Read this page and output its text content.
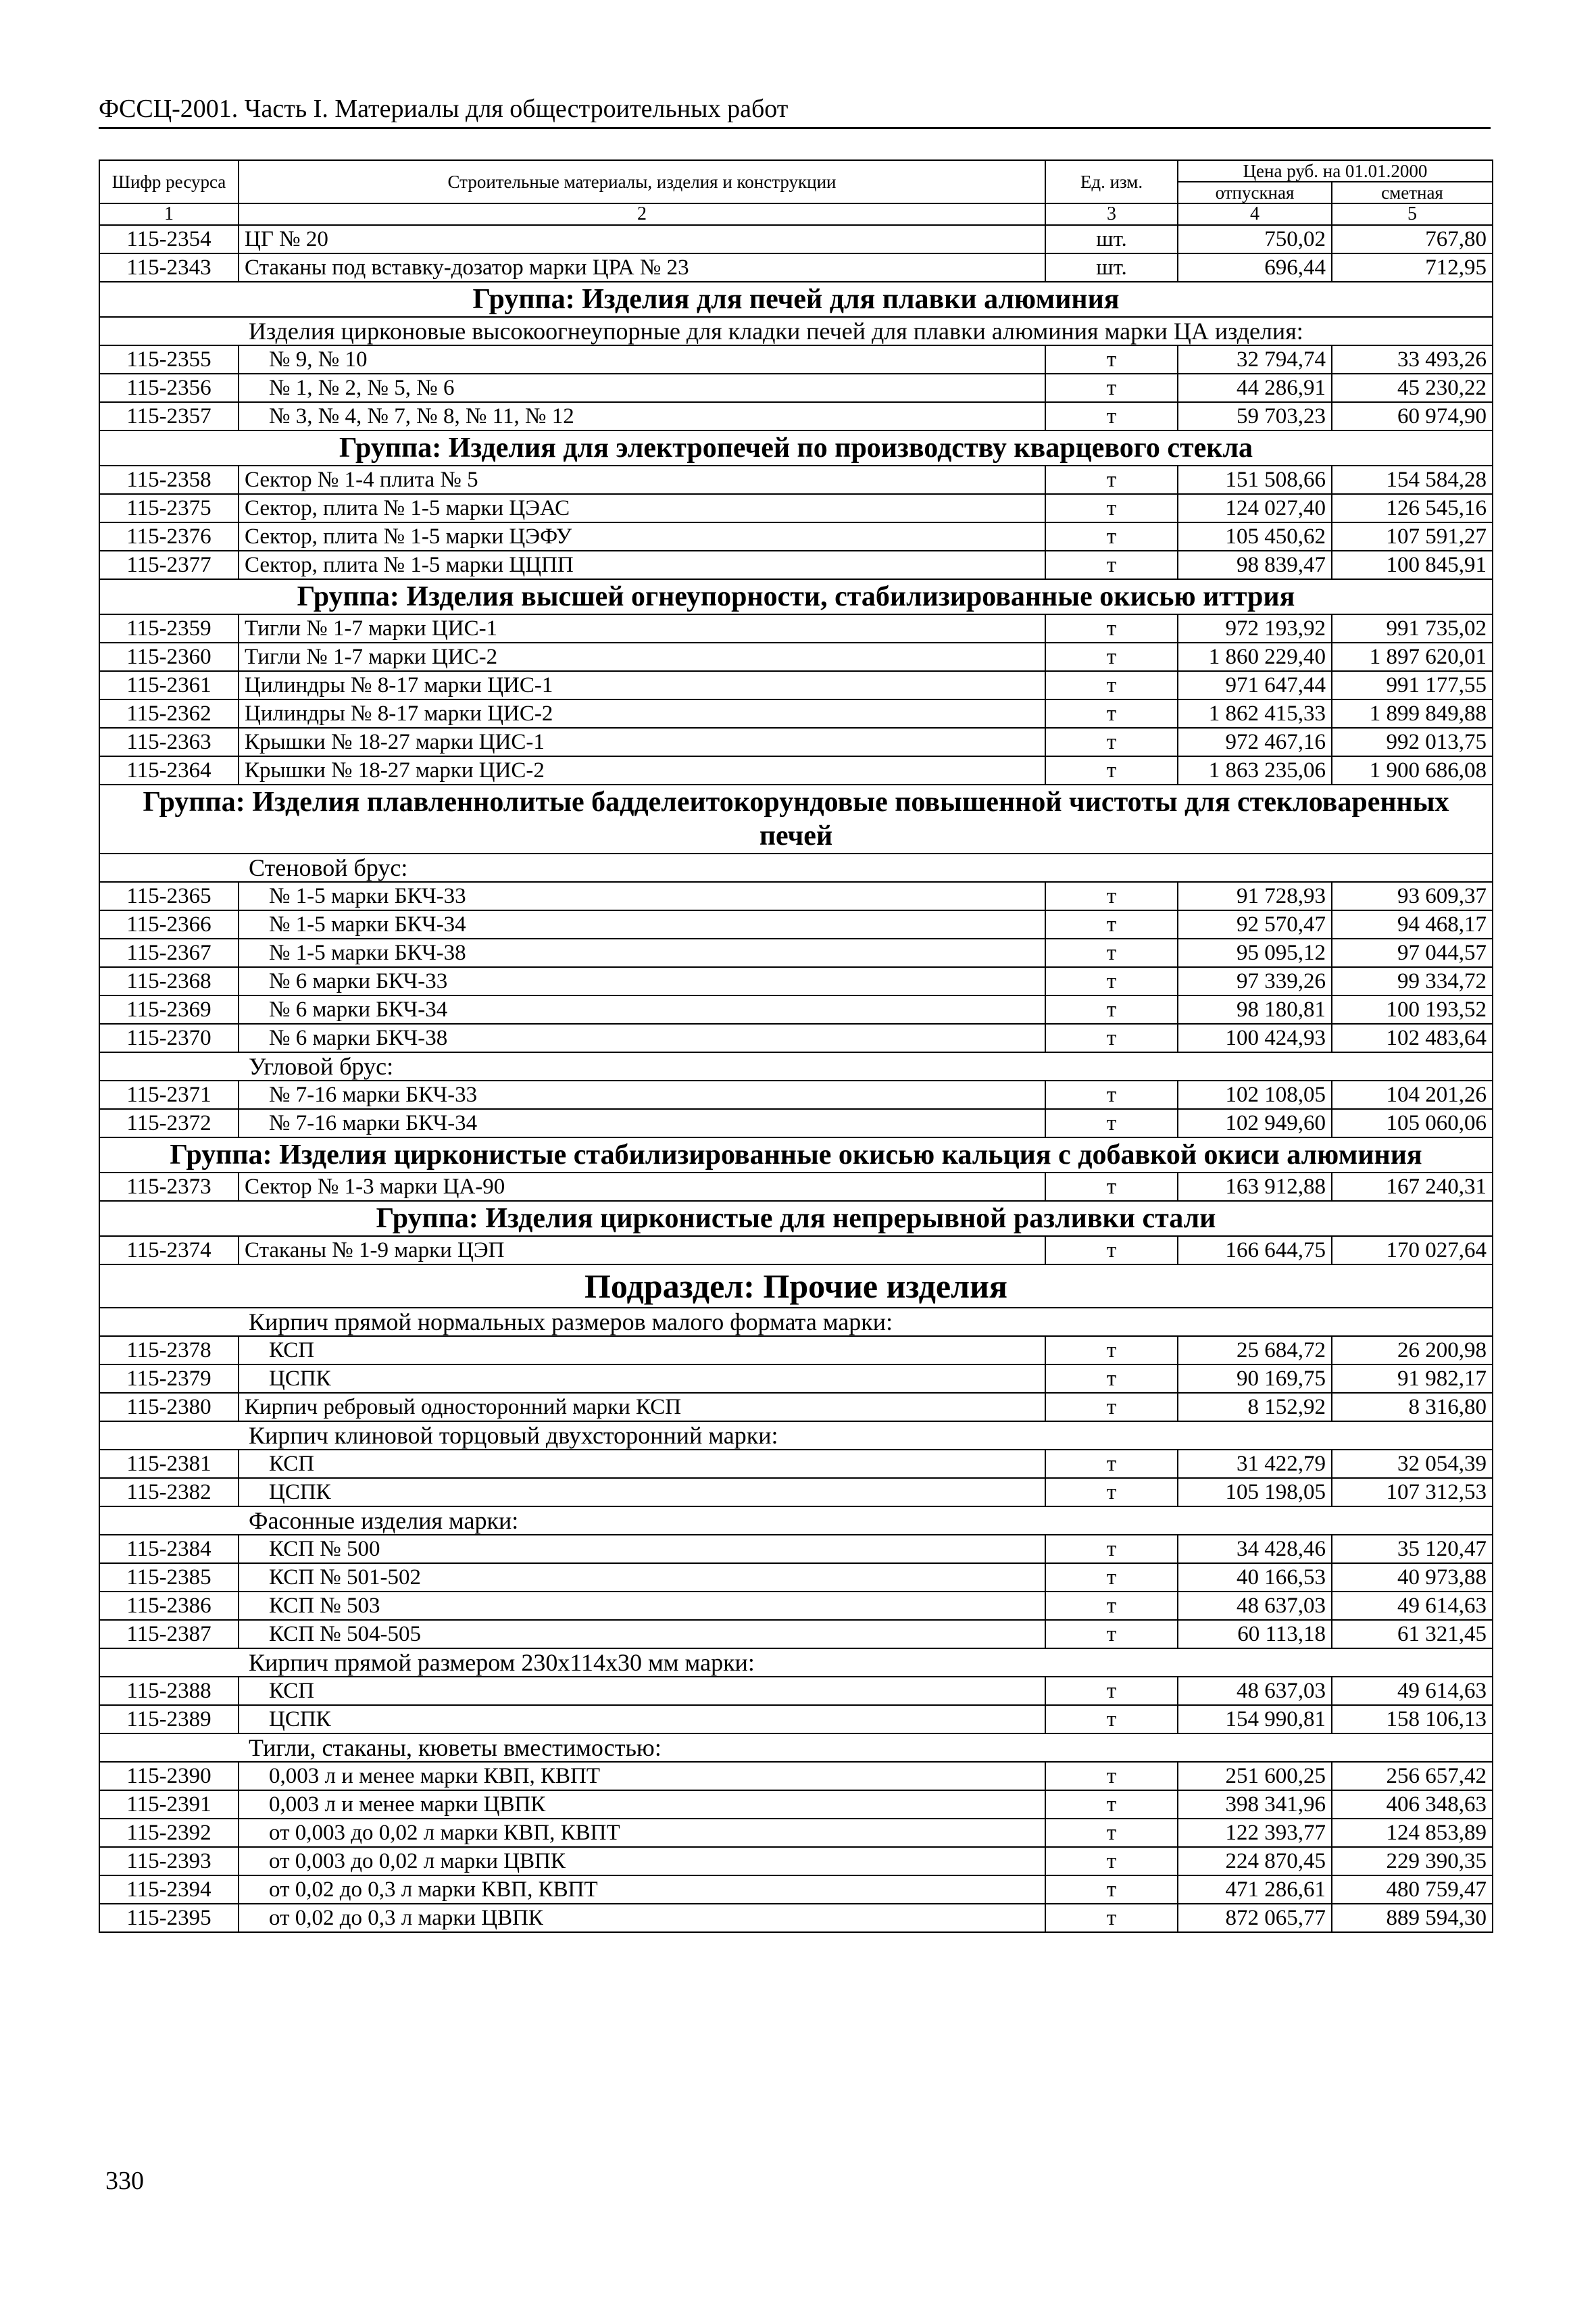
ФССЦ-2001. Часть I. Материалы для общестроительных работ
Шифр ресурса	Строительные материалы, изделия и конструкции	Ед. изм.	Цена руб. на 01.01.2000	
			отпускная	сметная
1	2	3	4	5
115-2354	ЦГ № 20	шт.	750,02	767,80
115-2343	Стаканы под вставку-дозатор марки ЦРА № 23	шт.	696,44	712,95
Группа: Изделия для печей для плавки алюминия				
Изделия цирконовые высокоогнеупорные для кладки печей для плавки алюминия марки ЦА изделия:				
115-2355	№ 9, № 10	т	32 794,74	33 493,26
115-2356	№ 1, № 2, № 5, № 6	т	44 286,91	45 230,22
115-2357	№ 3, № 4, № 7, № 8, № 11, № 12	т	59 703,23	60 974,90
Группа: Изделия для электропечей по производству кварцевого стекла				
115-2358	Сектор № 1-4 плита № 5	т	151 508,66	154 584,28
115-2375	Сектор, плита № 1-5 марки ЦЭАС	т	124 027,40	126 545,16
115-2376	Сектор, плита № 1-5 марки ЦЭФУ	т	105 450,62	107 591,27
115-2377	Сектор, плита № 1-5 марки ЦЦПП	т	98 839,47	100 845,91
Группа: Изделия высшей огнеупорности, стабилизированные окисью иттрия				
115-2359	Тигли № 1-7 марки ЦИС-1	т	972 193,92	991 735,02
115-2360	Тигли № 1-7 марки ЦИС-2	т	1 860 229,40	1 897 620,01
115-2361	Цилиндры № 8-17 марки ЦИС-1	т	971 647,44	991 177,55
115-2362	Цилиндры № 8-17 марки ЦИС-2	т	1 862 415,33	1 899 849,88
115-2363	Крышки № 18-27 марки ЦИС-1	т	972 467,16	992 013,75
115-2364	Крышки № 18-27 марки ЦИС-2	т	1 863 235,06	1 900 686,08
Группа: Изделия плавленнолитые бадделеитокорундовые повышенной чистоты для стекловаренных печей				
Стеновой брус:				
115-2365	№ 1-5 марки БКЧ-33	т	91 728,93	93 609,37
115-2366	№ 1-5 марки БКЧ-34	т	92 570,47	94 468,17
115-2367	№ 1-5 марки БКЧ-38	т	95 095,12	97 044,57
115-2368	№ 6 марки БКЧ-33	т	97 339,26	99 334,72
115-2369	№ 6 марки БКЧ-34	т	98 180,81	100 193,52
115-2370	№ 6 марки БКЧ-38	т	100 424,93	102 483,64
Угловой брус:				
115-2371	№ 7-16 марки БКЧ-33	т	102 108,05	104 201,26
115-2372	№ 7-16 марки БКЧ-34	т	102 949,60	105 060,06
Группа: Изделия цирконистые стабилизированные окисью кальция с добавкой окиси алюминия				
115-2373	Сектор № 1-3 марки ЦА-90	т	163 912,88	167 240,31
Группа: Изделия цирконистые для непрерывной разливки стали				
115-2374	Стаканы № 1-9 марки ЦЭП	т	166 644,75	170 027,64
Подраздел: Прочие изделия				
Кирпич прямой нормальных размеров малого формата марки:				
115-2378	КСП	т	25 684,72	26 200,98
115-2379	ЦСПК	т	90 169,75	91 982,17
115-2380	Кирпич ребровый односторонний марки КСП	т	8 152,92	8 316,80
Кирпич клиновой торцовый двухсторонний марки:				
115-2381	КСП	т	31 422,79	32 054,39
115-2382	ЦСПК	т	105 198,05	107 312,53
Фасонные изделия марки:				
115-2384	КСП № 500	т	34 428,46	35 120,47
115-2385	КСП № 501-502	т	40 166,53	40 973,88
115-2386	КСП № 503	т	48 637,03	49 614,63
115-2387	КСП № 504-505	т	60 113,18	61 321,45
Кирпич прямой размером 230х114х30 мм марки:				
115-2388	КСП	т	48 637,03	49 614,63
115-2389	ЦСПК	т	154 990,81	158 106,13
Тигли, стаканы, кюветы вместимостью:				
115-2390	0,003 л и менее марки КВП, КВПТ	т	251 600,25	256 657,42
115-2391	0,003 л и менее марки ЦВПК	т	398 341,96	406 348,63
115-2392	от 0,003 до 0,02 л марки КВП, КВПТ	т	122 393,77	124 853,89
115-2393	от 0,003 до 0,02 л марки ЦВПК	т	224 870,45	229 390,35
115-2394	от 0,02 до 0,3 л марки КВП, КВПТ	т	471 286,61	480 759,47
115-2395	от 0,02 до 0,3 л марки ЦВПК	т	872 065,77	889 594,30
330
